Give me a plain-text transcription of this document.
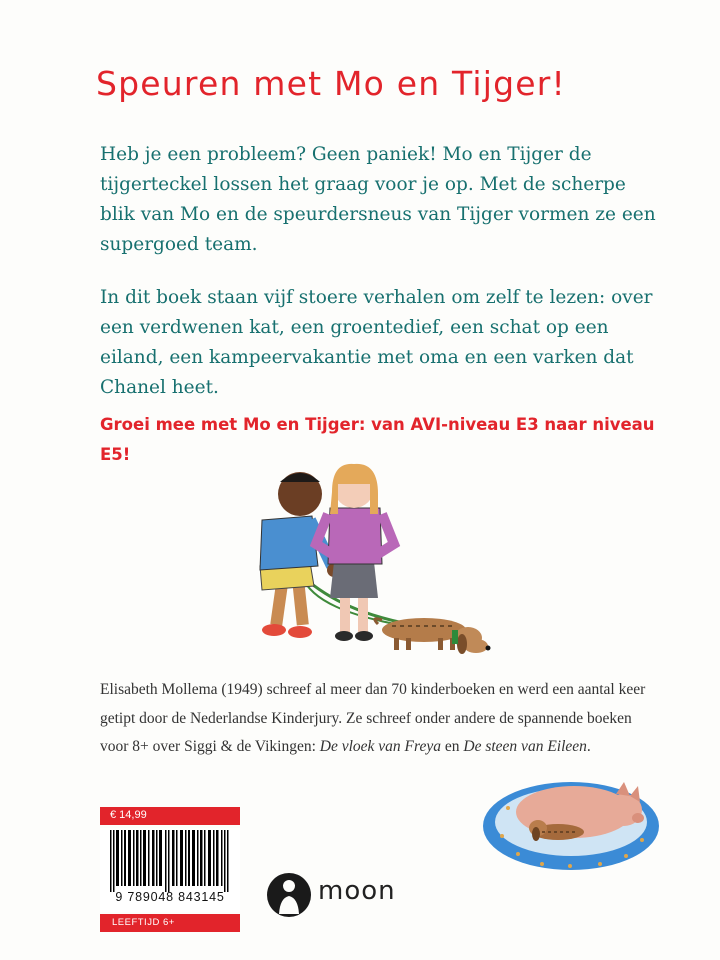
Speuren met Mo en Tijger!

Heb je een probleem? Geen paniek! Mo en Tijger de tijgerteckel lossen het graag voor je op. Met de scherpe blik van Mo en de speurdersneus van Tijger vormen ze een supergoed team.

In dit boek staan vijf stoere verhalen om zelf te lezen: over een verdwenen kat, een groentedief, een schat op een eiland, een kampeervakantie met oma en een varken dat Chanel heet.

Groei mee met Mo en Tijger: van AVI-niveau E3 naar niveau E5!

Elisabeth Mollema (1949) schreef al meer dan 70 kinderboeken en werd een aantal keer getipt door de Nederlandse Kinderjury. Ze schreef onder andere de spannende boeken voor 8+ over Siggi & de Vikingen: De vloek van Freya en De steen van Eileen.

€ 14,99
9 789048 843145
LEEFTIJD 6+
moon
